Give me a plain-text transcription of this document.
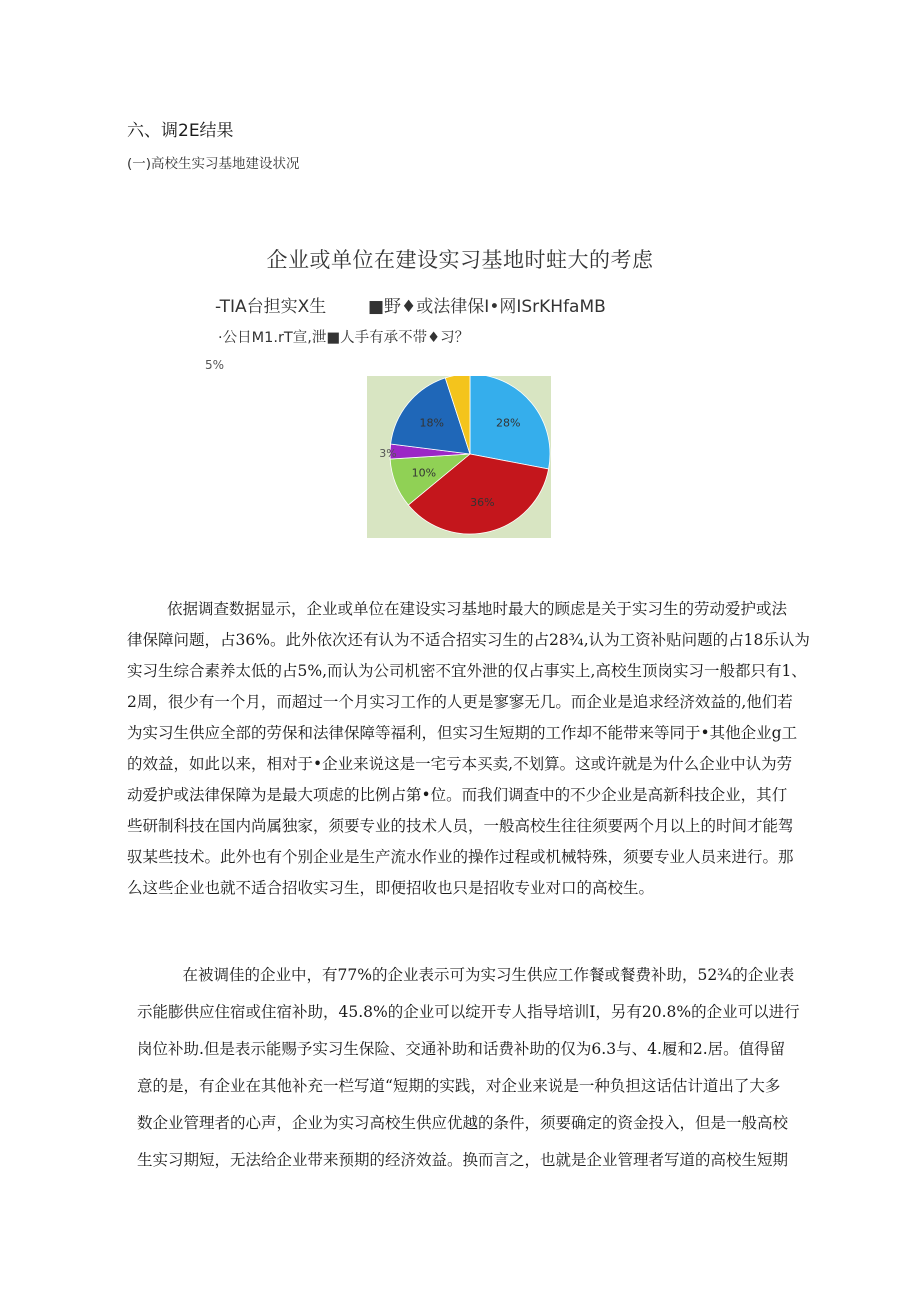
六、调2E结果
(一)高校生实习基地建设状况
企业或单位在建设实习基地时蛀大的考虑
-TIA台担实X生 ■野♦或法律保I•网ISrKHfaMB
·公日M1.rT宣,泄■人手有承不带♦习？
5%
28%
36%
10%
3%
18%
依据调查数据显示，企业或单位在建设实习基地时最大的顾虑是关于实习生的劳动爱护或法
律保障问题，占36%。此外依次还有认为不适合招实习生的占28¾,认为工资补贴问题的占18乐认为
实习生综合素养太低的占5%,而认为公司机密不宜外泄的仅占事实上,高校生顶岗实习一般都只有1、
2周，很少有一个月，而超过一个月实习工作的人更是寥寥无几。而企业是追求经济效益的,他们若
为实习生供应全部的劳保和法律保障等福利，但实习生短期的工作却不能带来等同于•其他企业g工
的效益，如此以来，相对于•企业来说这是一宅亏本买卖,不划算。这或许就是为什么企业中认为劳
动爱护或法律保障为是最大项虑的比例占第•位。而我们调查中的不少企业是高新科技企业，其仃
些研制科技在国内尚属独家，须要专业的技术人员，一般高校生往往须要两个月以上的时间才能驾
驭某些技术。此外也有个别企业是生产流水作业的操作过程或机械特殊，须要专业人员来进行。那
么这些企业也就不适合招收实习生，即便招收也只是招收专业对口的高校生。
　在被调佳的企业中，有77%的企业表示可为实习生供应工作餐或餐费补助，52¾的企业表
示能膨供应住宿或住宿补助，45.8%的企业可以绽开专人指导培训I，另有20.8%的企业可以进行
岗位补助.但是表示能赐予实习生保险、交通补助和话费补助的仅为6.3与、4.履和2.居。值得留
意的是，有企业在其他补充一栏写道“短期的实践，对企业来说是一种负担这话估计道出了大多
数企业管理者的心声，企业为实习高校生供应优越的条件，须要确定的资金投入，但是一般高校
生实习期短，无法给企业带来预期的经济效益。换而言之，也就是企业管理者写道的高校生短期
